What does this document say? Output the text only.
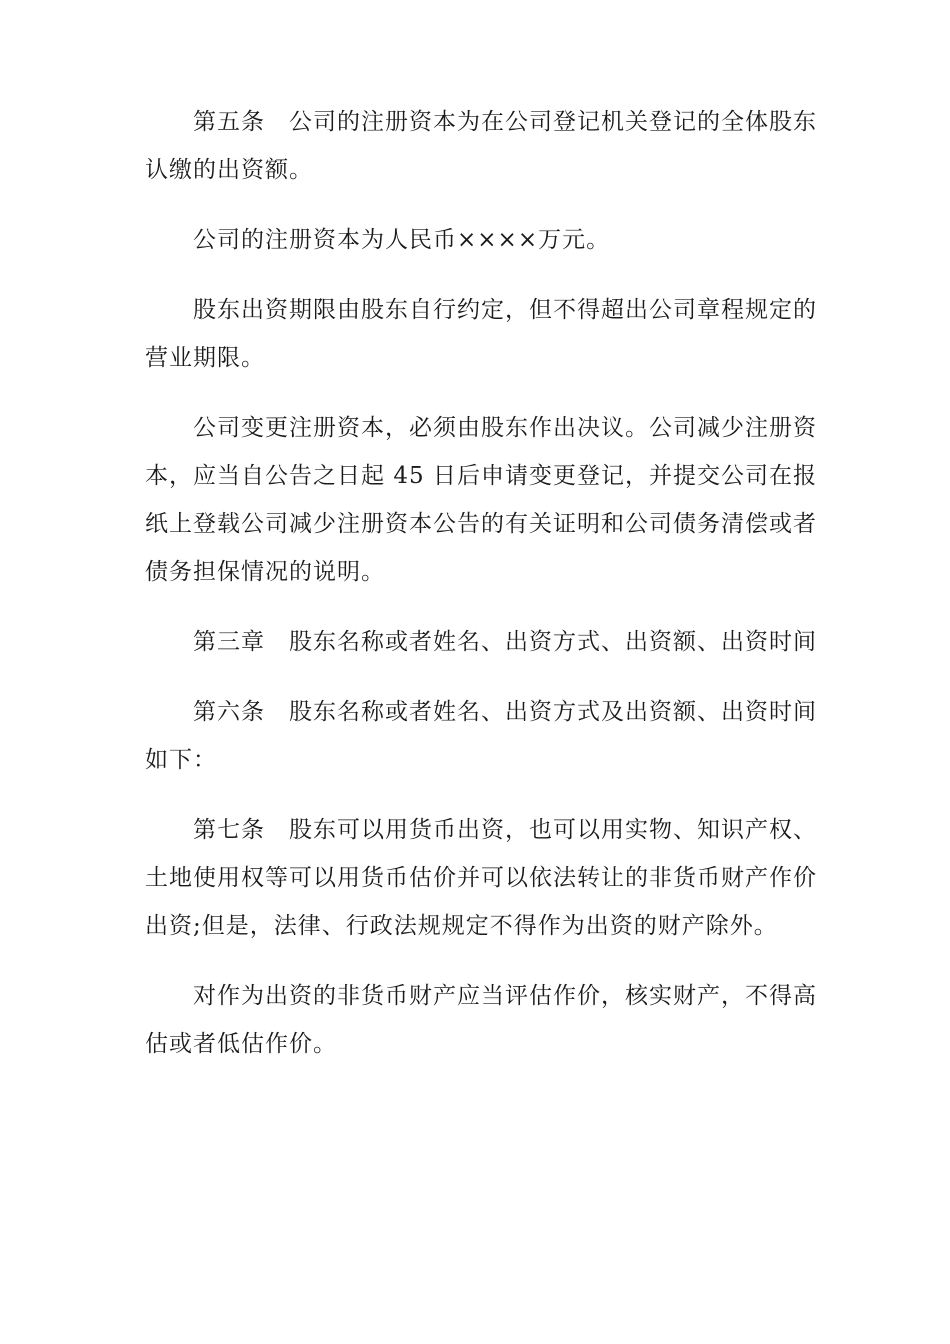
第五条　公司的注册资本为在公司登记机关登记的全体股东认缴的出资额。

公司的注册资本为人民币××××万元。

股东出资期限由股东自行约定，但不得超出公司章程规定的营业期限。

公司变更注册资本，必须由股东作出决议。公司减少注册资本，应当自公告之日起 45 日后申请变更登记，并提交公司在报纸上登载公司减少注册资本公告的有关证明和公司债务清偿或者债务担保情况的说明。

第三章　股东名称或者姓名、出资方式、出资额、出资时间

第六条　股东名称或者姓名、出资方式及出资额、出资时间如下：

第七条　股东可以用货币出资，也可以用实物、知识产权、土地使用权等可以用货币估价并可以依法转让的非货币财产作价出资;但是，法律、行政法规规定不得作为出资的财产除外。

对作为出资的非货币财产应当评估作价，核实财产，不得高估或者低估作价。
